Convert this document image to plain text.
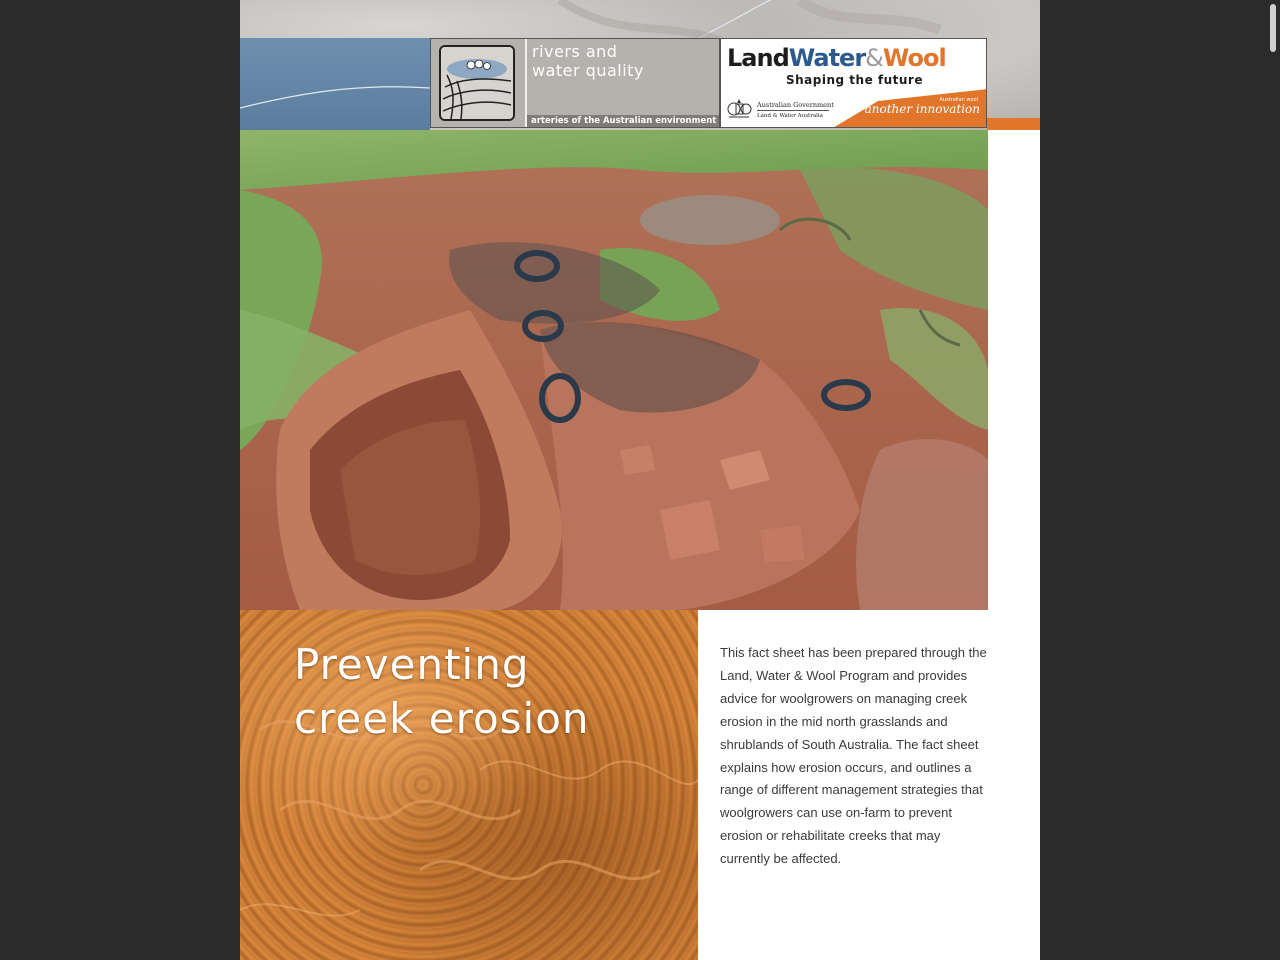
rivers and
water quality
arteries of the Australian environment
LandWater&Wool
Shaping the future
Australian Government
Land & Water Australia
Australian wool
another innovation
Preventing
creek erosion
This fact sheet has been prepared through the Land, Water & Wool Program and provides advice for woolgrowers on managing creek erosion in the mid north grasslands and shrublands of South Australia. The fact sheet explains how erosion occurs, and outlines a range of different management strategies that woolgrowers can use on-farm to prevent erosion or rehabilitate creeks that may currently be affected.
